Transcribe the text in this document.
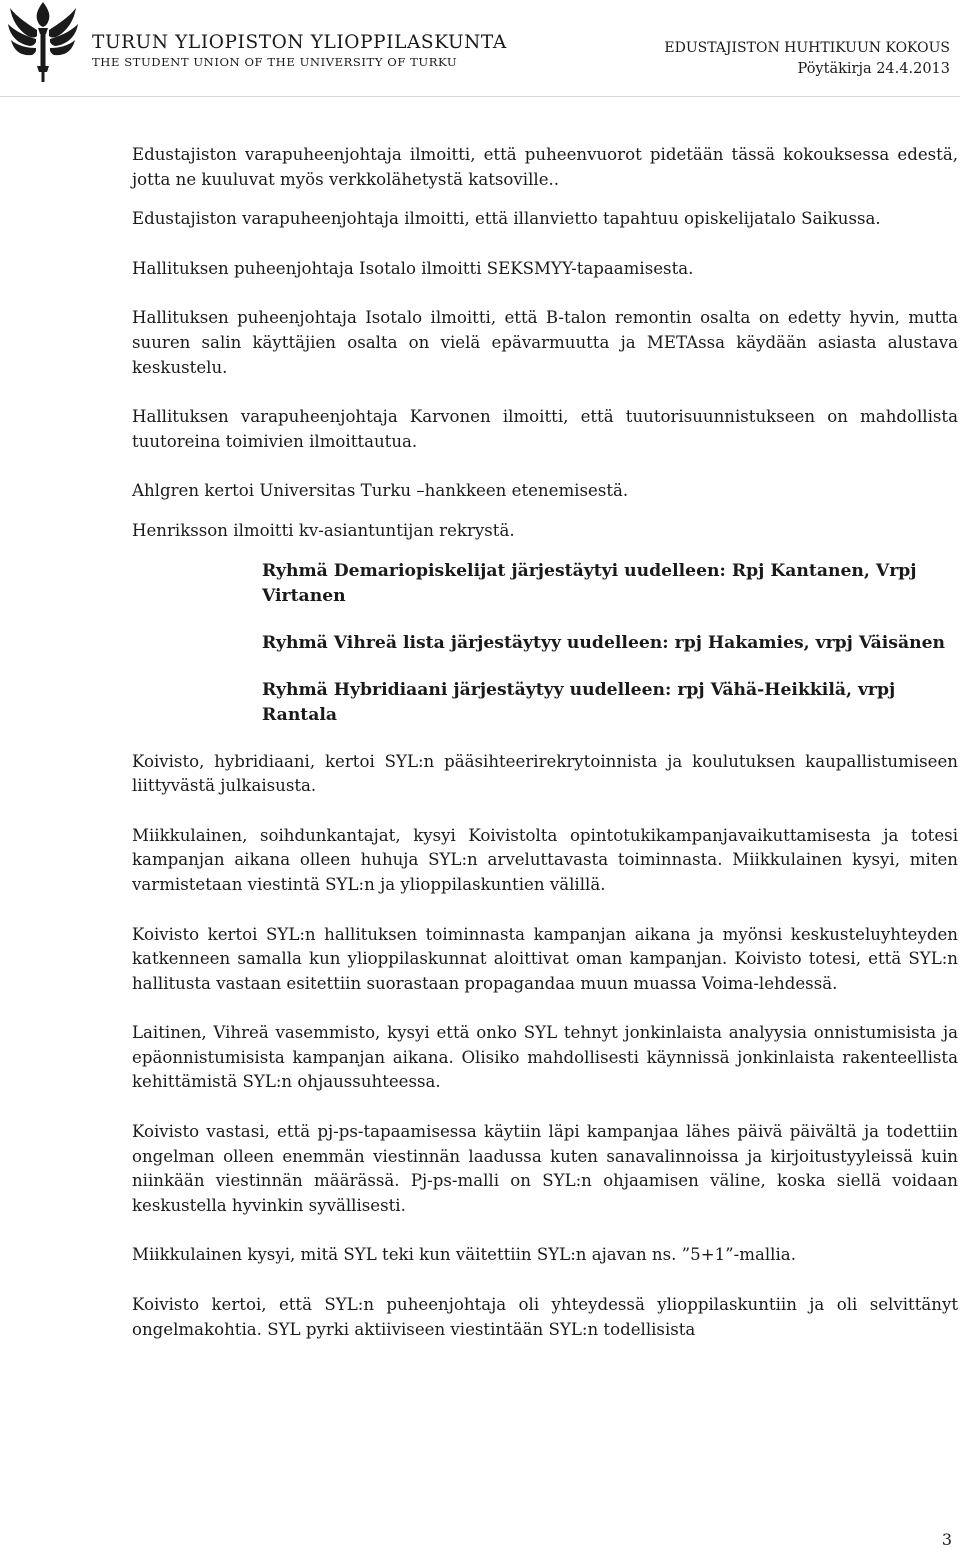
TURUN YLIOPISTON YLIOPPILASKUNTA
THE STUDENT UNION OF THE UNIVERSITY OF TURKU
EDUSTAJISTON HUHTIKUUN KOKOUS
Pöytäkirja 24.4.2013

Edustajiston varapuheenjohtaja ilmoitti, että puheenvuorot pidetään tässä kokouksessa edestä, jotta ne kuuluvat myös verkkolähetystä katsoville..

Edustajiston varapuheenjohtaja ilmoitti, että illanvietto tapahtuu opiskelijatalo Saikussa.

Hallituksen puheenjohtaja Isotalo ilmoitti SEKSMYY-tapaamisesta.

Hallituksen puheenjohtaja Isotalo ilmoitti, että B-talon remontin osalta on edetty hyvin, mutta suuren salin käyttäjien osalta on vielä epävarmuutta ja METAssa käydään asiasta alustava keskustelu.

Hallituksen varapuheenjohtaja Karvonen ilmoitti, että tuutorisuunnistukseen on mahdollista tuutoreina toimivien ilmoittautua.

Ahlgren kertoi Universitas Turku –hankkeen etenemisestä.

Henriksson ilmoitti kv-asiantuntijan rekrystä.

Ryhmä Demariopiskelijat järjestäytyi uudelleen: Rpj Kantanen, Vrpj Virtanen

Ryhmä Vihreä lista järjestäytyy uudelleen: rpj Hakamies, vrpj Väisänen

Ryhmä Hybridiaani järjestäytyy uudelleen: rpj Vähä-Heikkilä, vrpj Rantala

Koivisto, hybridiaani, kertoi SYL:n pääsihteerirekrytoinnista ja koulutuksen kaupallistumiseen liittyvästä julkaisusta.

Miikkulainen, soihdunkantajat, kysyi Koivistolta opintotukikampanjavaikuttamisesta ja totesi kampanjan aikana olleen huhuja SYL:n arveluttavasta toiminnasta. Miikkulainen kysyi, miten varmistetaan viestintä SYL:n ja ylioppilaskuntien välillä.

Koivisto kertoi SYL:n hallituksen toiminnasta kampanjan aikana ja myönsi keskusteluyhteyden katkenneen samalla kun ylioppilaskunnat aloittivat oman kampanjan. Koivisto totesi, että SYL:n hallitusta vastaan esitettiin suorastaan propagandaa muun muassa Voima-lehdessä.

Laitinen, Vihreä vasemmisto, kysyi että onko SYL tehnyt jonkinlaista analyysia onnistumisista ja epäonnistumisista kampanjan aikana. Olisiko mahdollisesti käynnissä jonkinlaista rakenteellista kehittämistä SYL:n ohjaussuhteessa.

Koivisto vastasi, että pj-ps-tapaamisessa käytiin läpi kampanjaa lähes päivä päivältä ja todettiin ongelman olleen enemmän viestinnän laadussa kuten sanavalinnoissa ja kirjoitustyyleissä kuin niinkään viestinnän määrässä. Pj-ps-malli on SYL:n ohjaamisen väline, koska siellä voidaan keskustella hyvinkin syvällisesti.

Miikkulainen kysyi, mitä SYL teki kun väitettiin SYL:n ajavan ns. ”5+1”-mallia.

Koivisto kertoi, että SYL:n puheenjohtaja oli yhteydessä ylioppilaskuntiin ja oli selvittänyt ongelmakohtia. SYL pyrki aktiiviseen viestintään SYL:n todellisista

3
